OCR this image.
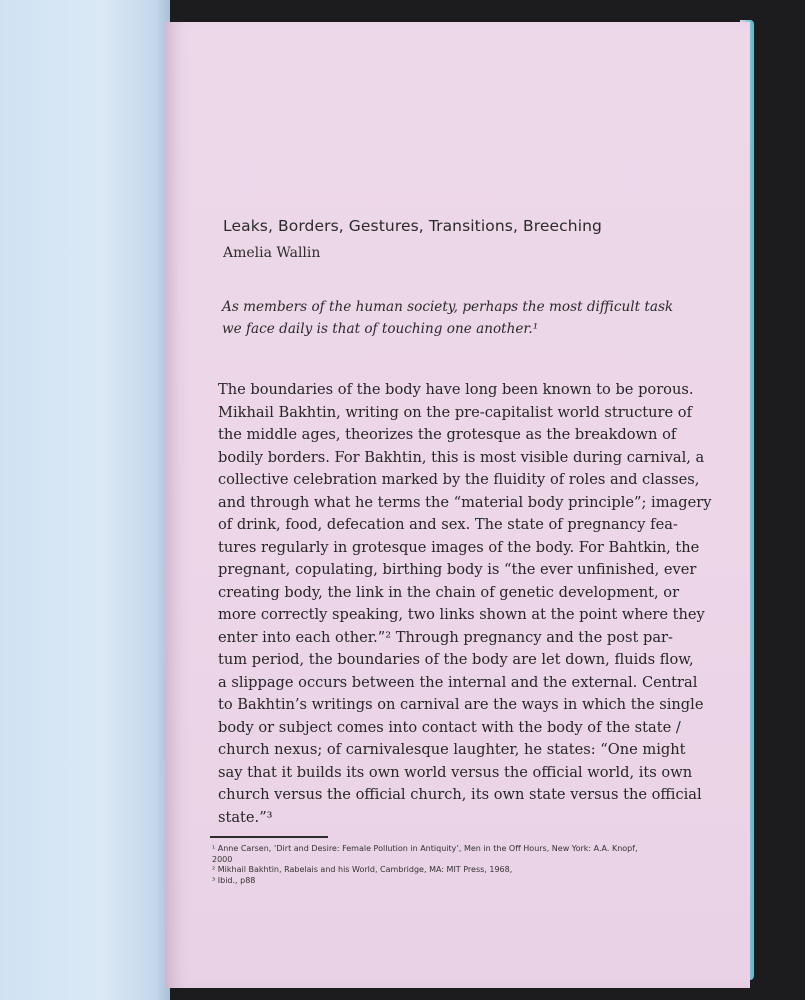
Leaks, Borders, Gestures, Transitions, Breeching
Amelia Wallin
As members of the human society, perhaps the most difficult task
we face daily is that of touching one another.¹
The boundaries of the body have long been known to be porous.
Mikhail Bakhtin, writing on the pre-capitalist world structure of
the middle ages, theorizes the grotesque as the breakdown of
bodily borders. For Bakhtin, this is most visible during carnival, a
collective celebration marked by the fluidity of roles and classes,
and through what he terms the “material body principle”; imagery
of drink, food, defecation and sex. The state of pregnancy fea-
tures regularly in grotesque images of the body. For Bahtkin, the
pregnant, copulating, birthing body is “the ever unfinished, ever
creating body, the link in the chain of genetic development, or
more correctly speaking, two links shown at the point where they
enter into each other.”² Through pregnancy and the post par-
tum period, the boundaries of the body are let down, fluids flow,
a slippage occurs between the internal and the external. Central
to Bakhtin’s writings on carnival are the ways in which the single
body or subject comes into contact with the body of the state /
church nexus; of carnivalesque laughter, he states: “One might
say that it builds its own world versus the official world, its own
church versus the official church, its own state versus the official
state.”³
¹ Anne Carsen, ‘Dirt and Desire: Female Pollution in Antiquity’, Men in the Off Hours, New York: A.A. Knopf,
2000
² Mikhail Bakhtin, Rabelais and his World, Cambridge, MA: MIT Press, 1968,
³ Ibid., p88
